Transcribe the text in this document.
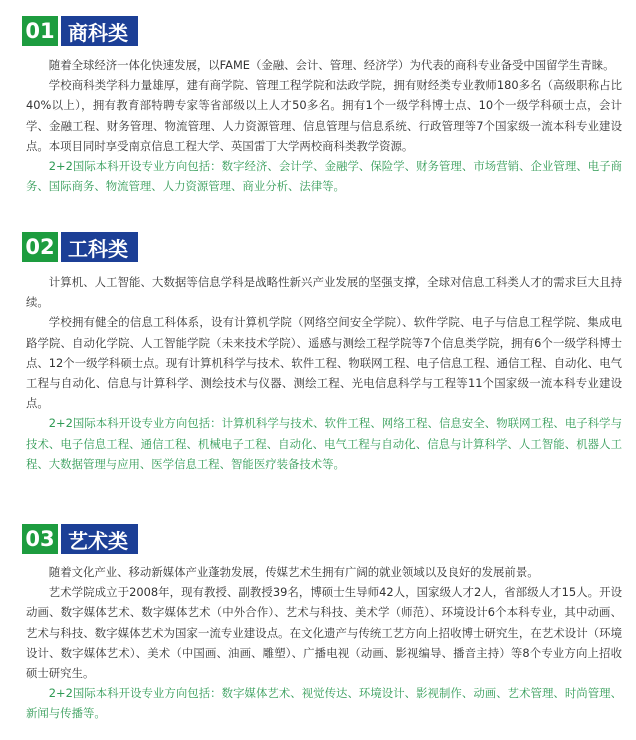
01 商科类

随着全球经济一体化快速发展，以FAME（金融、会计、管理、经济学）为代表的商科专业备受中国留学生青睐。

学校商科类学科力量雄厚，建有商学院、管理工程学院和法政学院，拥有财经类专业教师180多名（高级职称占比40%以上），拥有教育部特聘专家等省部级以上人才50多名。拥有1个一级学科博士点、10个一级学科硕士点，会计学、金融工程、财务管理、物流管理、人力资源管理、信息管理与信息系统、行政管理等7个国家级一流本科专业建设点。本项目同时享受南京信息工程大学、英国雷丁大学两校商科类教学资源。

2+2国际本科开设专业方向包括：数字经济、会计学、金融学、保险学、财务管理、市场营销、企业管理、电子商务、国际商务、物流管理、人力资源管理、商业分析、法律等。

02 工科类

计算机、人工智能、大数据等信息学科是战略性新兴产业发展的坚强支撑，全球对信息工科类人才的需求巨大且持续。

学校拥有健全的信息工科体系，设有计算机学院（网络空间安全学院）、软件学院、电子与信息工程学院、集成电路学院、自动化学院、人工智能学院（未来技术学院）、遥感与测绘工程学院等7个信息类学院，拥有6个一级学科博士点、12个一级学科硕士点。现有计算机科学与技术、软件工程、物联网工程、电子信息工程、通信工程、自动化、电气工程与自动化、信息与计算科学、测绘技术与仪器、测绘工程、光电信息科学与工程等11个国家级一流本科专业建设点。

2+2国际本科开设专业方向包括：计算机科学与技术、软件工程、网络工程、信息安全、物联网工程、电子科学与技术、电子信息工程、通信工程、机械电子工程、自动化、电气工程与自动化、信息与计算科学、人工智能、机器人工程、大数据管理与应用、医学信息工程、智能医疗装备技术等。

03 艺术类

随着文化产业、移动新媒体产业蓬勃发展，传媒艺术生拥有广阔的就业领域以及良好的发展前景。

艺术学院成立于2008年，现有教授、副教授39名，博硕士生导师42人，国家级人才2人，省部级人才15人。开设动画、数字媒体艺术、数字媒体艺术（中外合作）、艺术与科技、美术学（师范）、环境设计6个本科专业，其中动画、艺术与科技、数字媒体艺术为国家一流专业建设点。在文化遗产与传统工艺方向上招收博士研究生，在艺术设计（环境设计、数字媒体艺术）、美术（中国画、油画、雕塑）、广播电视（动画、影视编导、播音主持）等8个专业方向上招收硕士研究生。

2+2国际本科开设专业方向包括：数字媒体艺术、视觉传达、环境设计、影视制作、动画、艺术管理、时尚管理、新闻与传播等。
